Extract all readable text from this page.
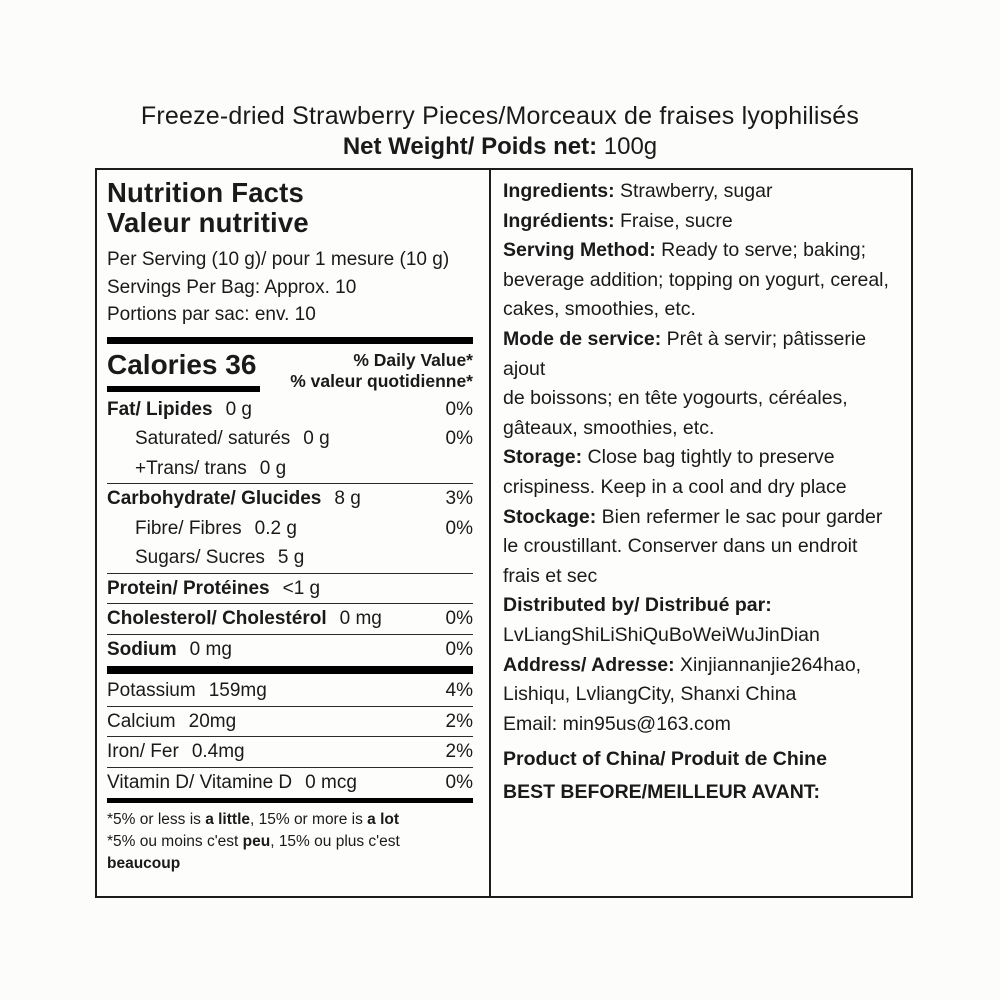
Freeze-dried Strawberry Pieces/Morceaux de fraises lyophilisés
Net Weight/ Poids net: 100g
Nutrition Facts
Valeur nutritive
Per Serving (10 g)/ pour 1 mesure (10 g)
Servings Per Bag: Approx. 10
Portions par sac: env. 10
Calories 36	% Daily Value*
% valeur quotidienne*
Fat/ Lipides 0 g	0%
Saturated/ saturés 0 g	0%
+Trans/ trans 0 g
Carbohydrate/ Glucides 8 g	3%
Fibre/ Fibres 0.2 g	0%
Sugars/ Sucres 5 g
Protein/ Protéines <1 g
Cholesterol/ Cholestérol 0 mg	0%
Sodium 0 mg	0%
Potassium 159mg	4%
Calcium 20mg	2%
Iron/ Fer 0.4mg	2%
Vitamin D/ Vitamine D 0 mcg	0%
*5% or less is a little, 15% or more is a lot
*5% ou moins c'est peu, 15% ou plus c'est beaucoup
Ingredients: Strawberry, sugar
Ingrédients: Fraise, sucre
Serving Method: Ready to serve; baking;
beverage addition; topping on yogurt, cereal,
cakes, smoothies, etc.
Mode de service: Prêt à servir; pâtisserie ajout
de boissons; en tête yogourts, céréales,
gâteaux, smoothies, etc.
Storage: Close bag tightly to preserve
crispiness. Keep in a cool and dry place
Stockage: Bien refermer le sac pour garder
le croustillant. Conserver dans un endroit
frais et sec
Distributed by/ Distribué par:
LvLiangShiLiShiQuBoWeiWuJinDian
Address/ Adresse: Xinjiannanjie264hao,
Lishiqu, LvliangCity, Shanxi China
Email: min95us@163.com
Product of China/ Produit de Chine
BEST BEFORE/MEILLEUR AVANT:
